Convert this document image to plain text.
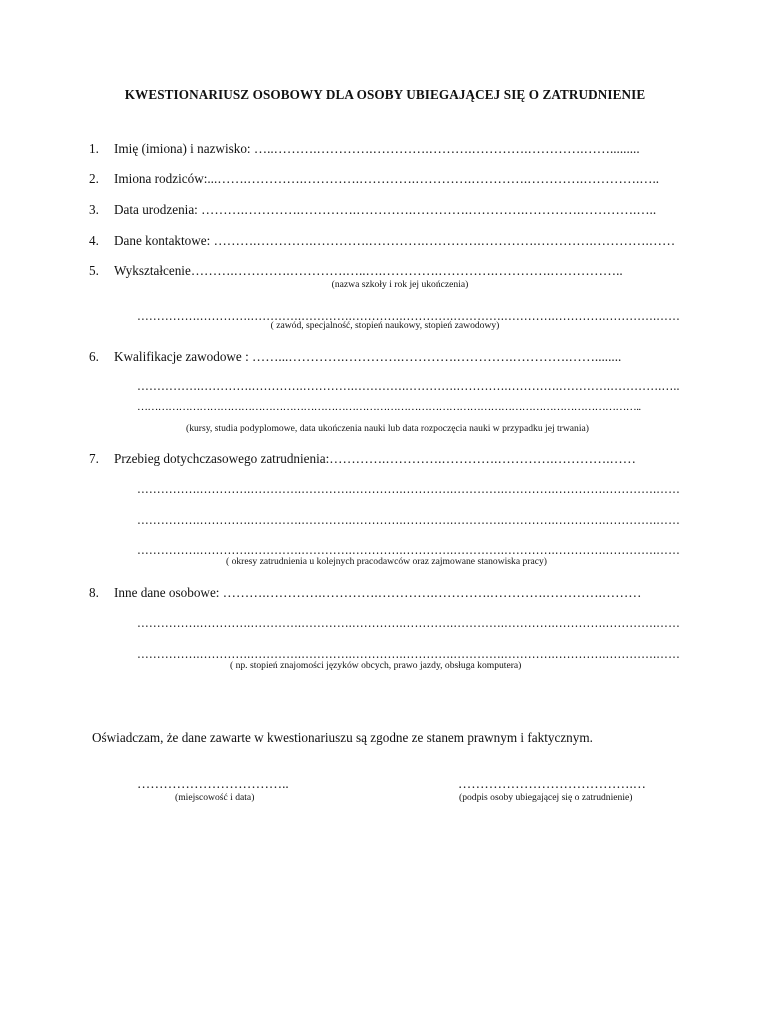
KWESTIONARIUSZ OSOBOWY DLA OSOBY UBIEGAJĄCEJ SIĘ O ZATRUDNIENIE
1. Imię (imiona) i nazwisko: …..……….………….………….……….………….………….…….........
2. Imiona rodziców:...…….………….………….………….………….………….………….………….…..
3. Data urodzenia: ……….………….………….………….………….………….………….………….…..
4. Dane kontaktowe: ……….………….………….………….………….………….………….………….……
5. Wykształcenie……….………….………….…..….………….………….………….……………..
(nazwa szkoły i rok jej ukończenia)
…………….………….………….………….………….………….………….………….………….………….……
( zawód, specjalność, stopień naukowy, stopień zawodowy)
6. Kwalifikacje zawodowe : ……...………….………….………….………….………….……........
…………….………….………….………….………….………….………….………….………….………….…..
………………………………………………………………………………………………………………………………..
(kursy, studia podyplomowe, data ukończenia nauki lub data rozpoczęcia nauki w przypadku jej trwania)
7. Przebieg dotychczasowego zatrudnienia:………….………….………….………….………….……
…………….………….………….………….………….………….………….………….………….………….……
…………….………….………….………….………….………….………….………….………….………….……
…………….………….………….………….………….………….………….………….………….………….……
( okresy zatrudnienia u kolejnych pracodawców oraz zajmowane stanowiska pracy)
8. Inne dane osobowe: ……….………….………….………….………….………….………….………
…………….………….………….………….………….………….………….………….………….………….……
…………….………….………….………….………….………….………….………….………….………….……
( np. stopień znajomości języków obcych, prawo jazdy, obsługa komputera)
Oświadczam, że dane zawarte w kwestionariuszu są zgodne ze stanem prawnym i faktycznym.
……………………………..
(miejscowość i data)
………………………………….…
(podpis osoby ubiegającej się o zatrudnienie)
